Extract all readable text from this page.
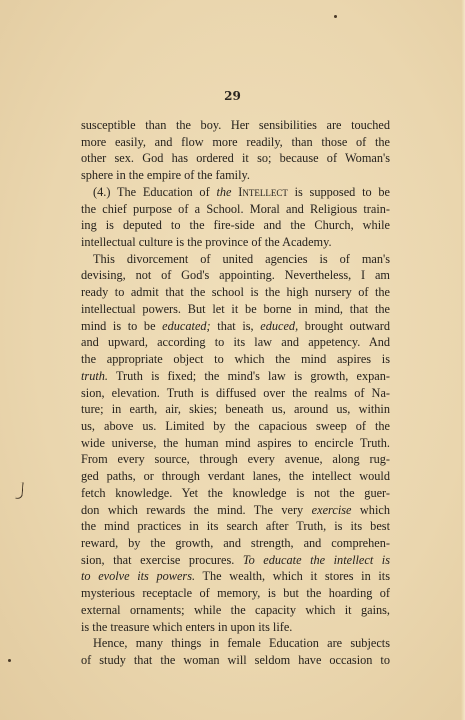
29
susceptible than the boy. Her sensibilities are touched
more easily, and flow more readily, than those of the
other sex. God has ordered it so; because of Woman's
sphere in the empire of the family.
(4.) The Education of the Intellect is supposed to be
the chief purpose of a School. Moral and Religious train-
ing is deputed to the fire-side and the Church, while
intellectual culture is the province of the Academy.
This divorcement of united agencies is of man's
devising, not of God's appointing. Nevertheless, I am
ready to admit that the school is the high nursery of the
intellectual powers. But let it be borne in mind, that the
mind is to be educated; that is, educed, brought outward
and upward, according to its law and appetency. And
the appropriate object to which the mind aspires is
truth. Truth is fixed; the mind's law is growth, expan-
sion, elevation. Truth is diffused over the realms of Na-
ture; in earth, air, skies; beneath us, around us, within
us, above us. Limited by the capacious sweep of the
wide universe, the human mind aspires to encircle Truth.
From every source, through every avenue, along rug-
ged paths, or through verdant lanes, the intellect would
fetch knowledge. Yet the knowledge is not the guer-
don which rewards the mind. The very exercise which
the mind practices in its search after Truth, is its best
reward, by the growth, and strength, and comprehen-
sion, that exercise procures. To educate the intellect is
to evolve its powers. The wealth, which it stores in its
mysterious receptacle of memory, is but the hoarding of
external ornaments; while the capacity which it gains,
is the treasure which enters in upon its life.
Hence, many things in female Education are subjects
of study that the woman will seldom have occasion to
